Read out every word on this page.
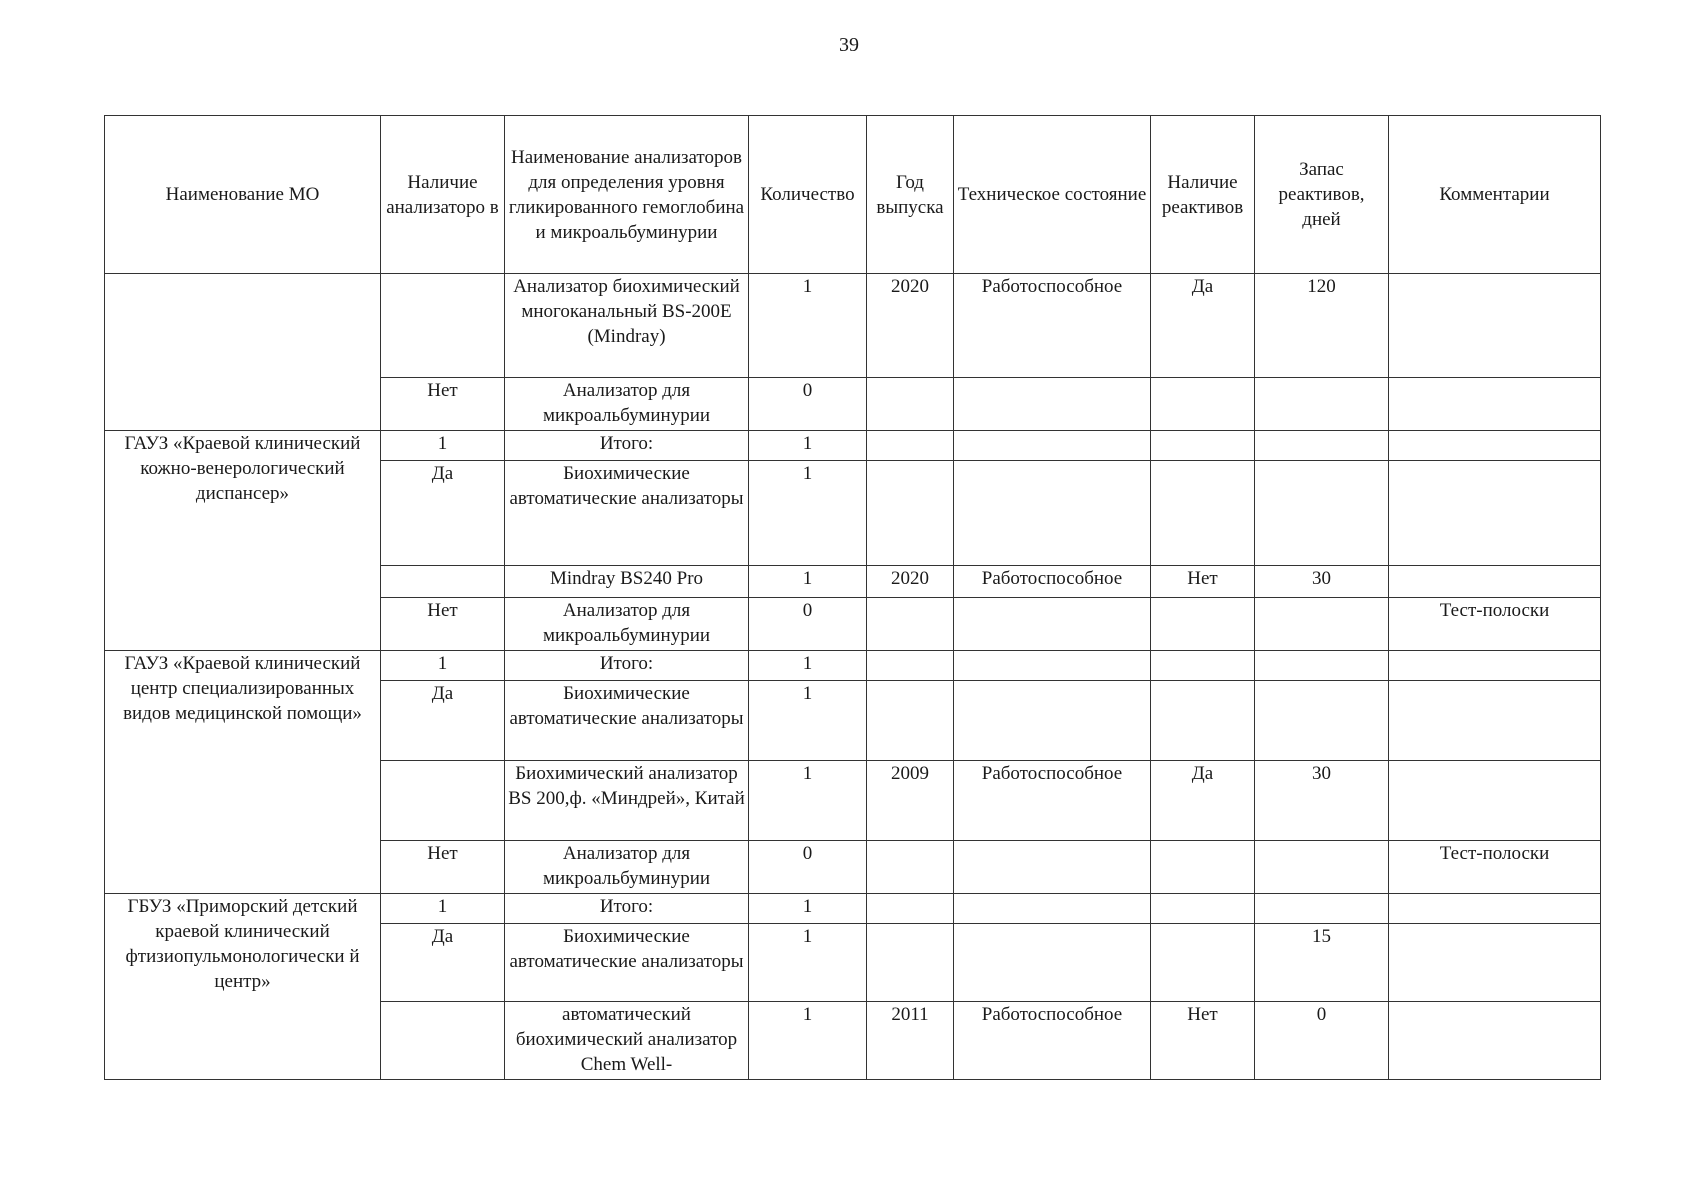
39
Наименование МО	Наличие анализаторо в	Наименование анализаторов для определения уровня гликированного гемоглобина и микроальбуминурии	Количество	Год выпуска	Техническое состояние	Наличие реактивов	Запас реактивов, дней	Комментарии
		Анализатор биохимический многоканальный BS-200E (Mindray)	1	2020	Работоспособное	Да	120	
	Нет	Анализатор для микроальбуминурии	0					
ГАУЗ «Краевой клинический кожно-венерологический диспансер»	1	Итого:	1					
	Да	Биохимические автоматические анализаторы	1					
		Mindray BS240 Pro	1	2020	Работоспособное	Нет	30	
	Нет	Анализатор для микроальбуминурии	0					Тест-полоски
ГАУЗ «Краевой клинический центр специализированных видов медицинской помощи»	1	Итого:	1					
	Да	Биохимические автоматические анализаторы	1					
		Биохимический анализатор BS 200,ф. «Миндрей», Китай	1	2009	Работоспособное	Да	30	
	Нет	Анализатор для микроальбуминурии	0					Тест-полоски
ГБУЗ «Приморский детский краевой клинический фтизиопульмонологически й центр»	1	Итого:	1					
	Да	Биохимические автоматические анализаторы	1				15	
		автоматический биохимический анализатор Chem Well-	1	2011	Работоспособное	Нет	0	
